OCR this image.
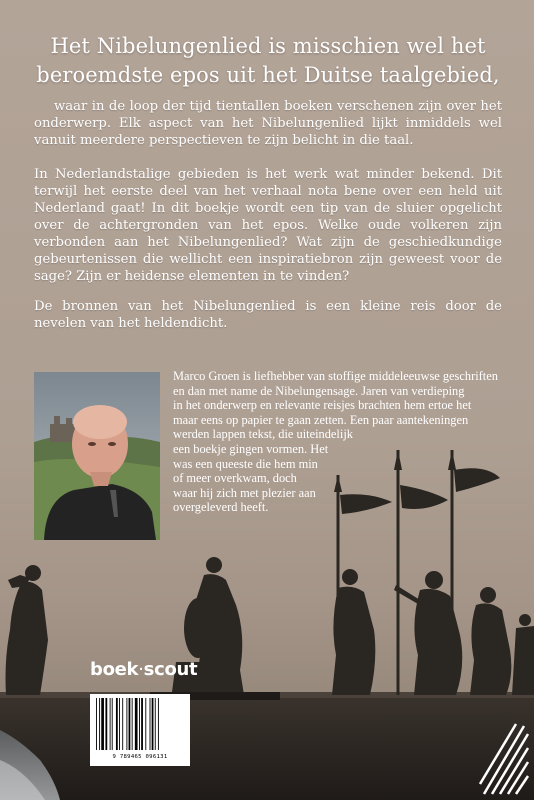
Het Nibelungenlied is misschien wel het beroemdste epos uit het Duitse taalgebied,
waar in de loop der tijd tientallen boeken verschenen zijn over het onderwerp. Elk aspect van het Nibelungenlied lijkt inmiddels wel vanuit meerdere perspectieven te zijn belicht in die taal.
In Nederlandstalige gebieden is het werk wat minder bekend. Dit terwijl het eerste deel van het verhaal nota bene over een held uit Nederland gaat! In dit boekje wordt een tip van de sluier opgelicht over de achtergronden van het epos. Welke oude volkeren zijn verbonden aan het Nibelungenlied? Wat zijn de geschiedkundige gebeurtenissen die wellicht een inspiratiebron zijn geweest voor de sage? Zijn er heidense elementen in te vinden?
De bronnen van het Nibelungenlied is een kleine reis door de nevelen van het heldendicht.
Marco Groen is liefhebber van stoffige middeleeuwse geschriften
en dan met name de Nibelungensage. Jaren van verdieping
in het onderwerp en relevante reisjes brachten hem ertoe het
maar eens op papier te gaan zetten. Een paar aantekeningen
werden lappen tekst, die uiteindelijk
een boekje gingen vormen. Het
was een queeste die hem min
of meer overkwam, doch
waar hij zich met plezier aan
overgeleverd heeft.
boek·scout
9 789465 096131
